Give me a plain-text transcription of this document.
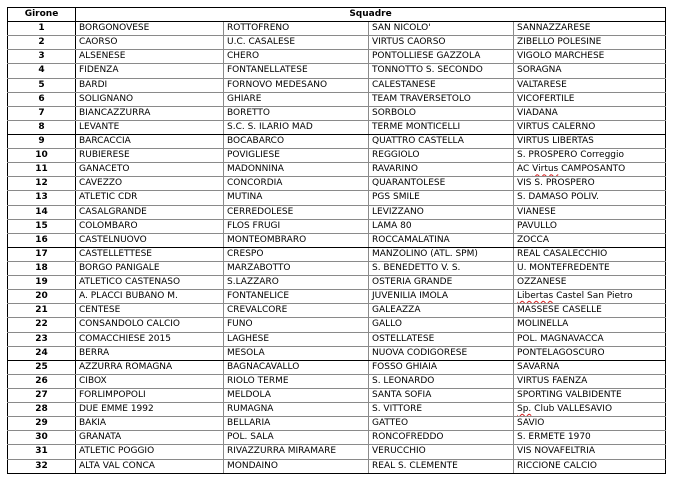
Girone	Squadre			
1	BORGONOVESE	ROTTOFRENO	SAN NICOLO'	SANNAZZARESE
2	CAORSO	U.C. CASALESE	VIRTUS CAORSO	ZIBELLO POLESINE
3	ALSENESE	CHERO	PONTOLLIESE GAZZOLA	VIGOLO MARCHESE
4	FIDENZA	FONTANELLATESE	TONNOTTO S. SECONDO	SORAGNA
5	BARDI	FORNOVO MEDESANO	CALESTANESE	VALTARESE
6	SOLIGNANO	GHIARE	TEAM TRAVERSETOLO	VICOFERTILE
7	BIANCAZZURRA	BORETTO	SORBOLO	VIADANA
8	LEVANTE	S.C. S. ILARIO MAD	TERME MONTICELLI	VIRTUS CALERNO
9	BARCACCIA	BOCABARCO	QUATTRO CASTELLA	VIRTUS LIBERTAS
10	RUBIERESE	POVIGLIESE	REGGIOLO	S. PROSPERO Correggio
11	GANACETO	MADONNINA	RAVARINO	AC Virtus CAMPOSANTO
12	CAVEZZO	CONCORDIA	QUARANTOLESE	VIS S. PROSPERO
13	ATLETIC CDR	MUTINA	PGS SMILE	S. DAMASO POLIV.
14	CASALGRANDE	CERREDOLESE	LEVIZZANO	VIANESE
15	COLOMBARO	FLOS FRUGI	LAMA 80	PAVULLO
16	CASTELNUOVO	MONTEOMBRARO	ROCCAMALATINA	ZOCCA
17	CASTELLETTESE	CRESPO	MANZOLINO (ATL. SPM)	REAL CASALECCHIO
18	BORGO PANIGALE	MARZABOTTO	S. BENEDETTO V. S.	U. MONTEFREDENTE
19	ATLETICO CASTENASO	S.LAZZARO	OSTERIA GRANDE	OZZANESE
20	A. PLACCI BUBANO M.	FONTANELICE	JUVENILIA IMOLA	Libertas Castel San Pietro
21	CENTESE	CREVALCORE	GALEAZZA	MASSESE CASELLE
22	CONSANDOLO CALCIO	FUNO	GALLO	MOLINELLA
23	COMACCHIESE 2015	LAGHESE	OSTELLATESE	POL. MAGNAVACCA
24	BERRA	MESOLA	NUOVA CODIGORESE	PONTELAGOSCURO
25	AZZURRA ROMAGNA	BAGNACAVALLO	FOSSO GHIAIA	SAVARNA
26	CIBOX	RIOLO TERME	S. LEONARDO	VIRTUS FAENZA
27	FORLIMPOPOLI	MELDOLA	SANTA SOFIA	SPORTING VALBIDENTE
28	DUE EMME 1992	RUMAGNA	S. VITTORE	Sp. Club VALLESAVIO
29	BAKIA	BELLARIA	GATTEO	SAVIO
30	GRANATA	POL. SALA	RONCOFREDDO	S. ERMETE 1970
31	ATLETIC POGGIO	RIVAZZURRA MIRAMARE	VERUCCHIO	VIS NOVAFELTRIA
32	ALTA VAL CONCA	MONDAINO	REAL S. CLEMENTE	RICCIONE CALCIO
